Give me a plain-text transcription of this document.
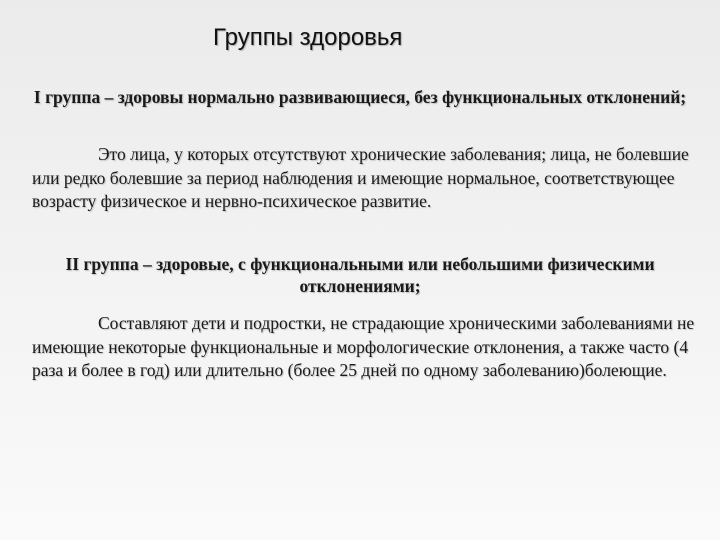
Группы здоровья
I группа – здоровы нормально развивающиеся, без функциональных отклонений;
Это лица, у которых отсутствуют хронические заболевания; лица, не болевшие или редко болевшие за период наблюдения и имеющие нормальное, соответствующее возрасту физическое и нервно-психическое развитие.
II группа – здоровые, с функциональными или небольшими физическими отклонениями;
Составляют дети и подростки, не страдающие хроническими заболеваниями не имеющие некоторые функциональные и морфологические отклонения, а также часто (4 раза и более в год) или длительно (более 25 дней по одному заболеванию)болеющие.
